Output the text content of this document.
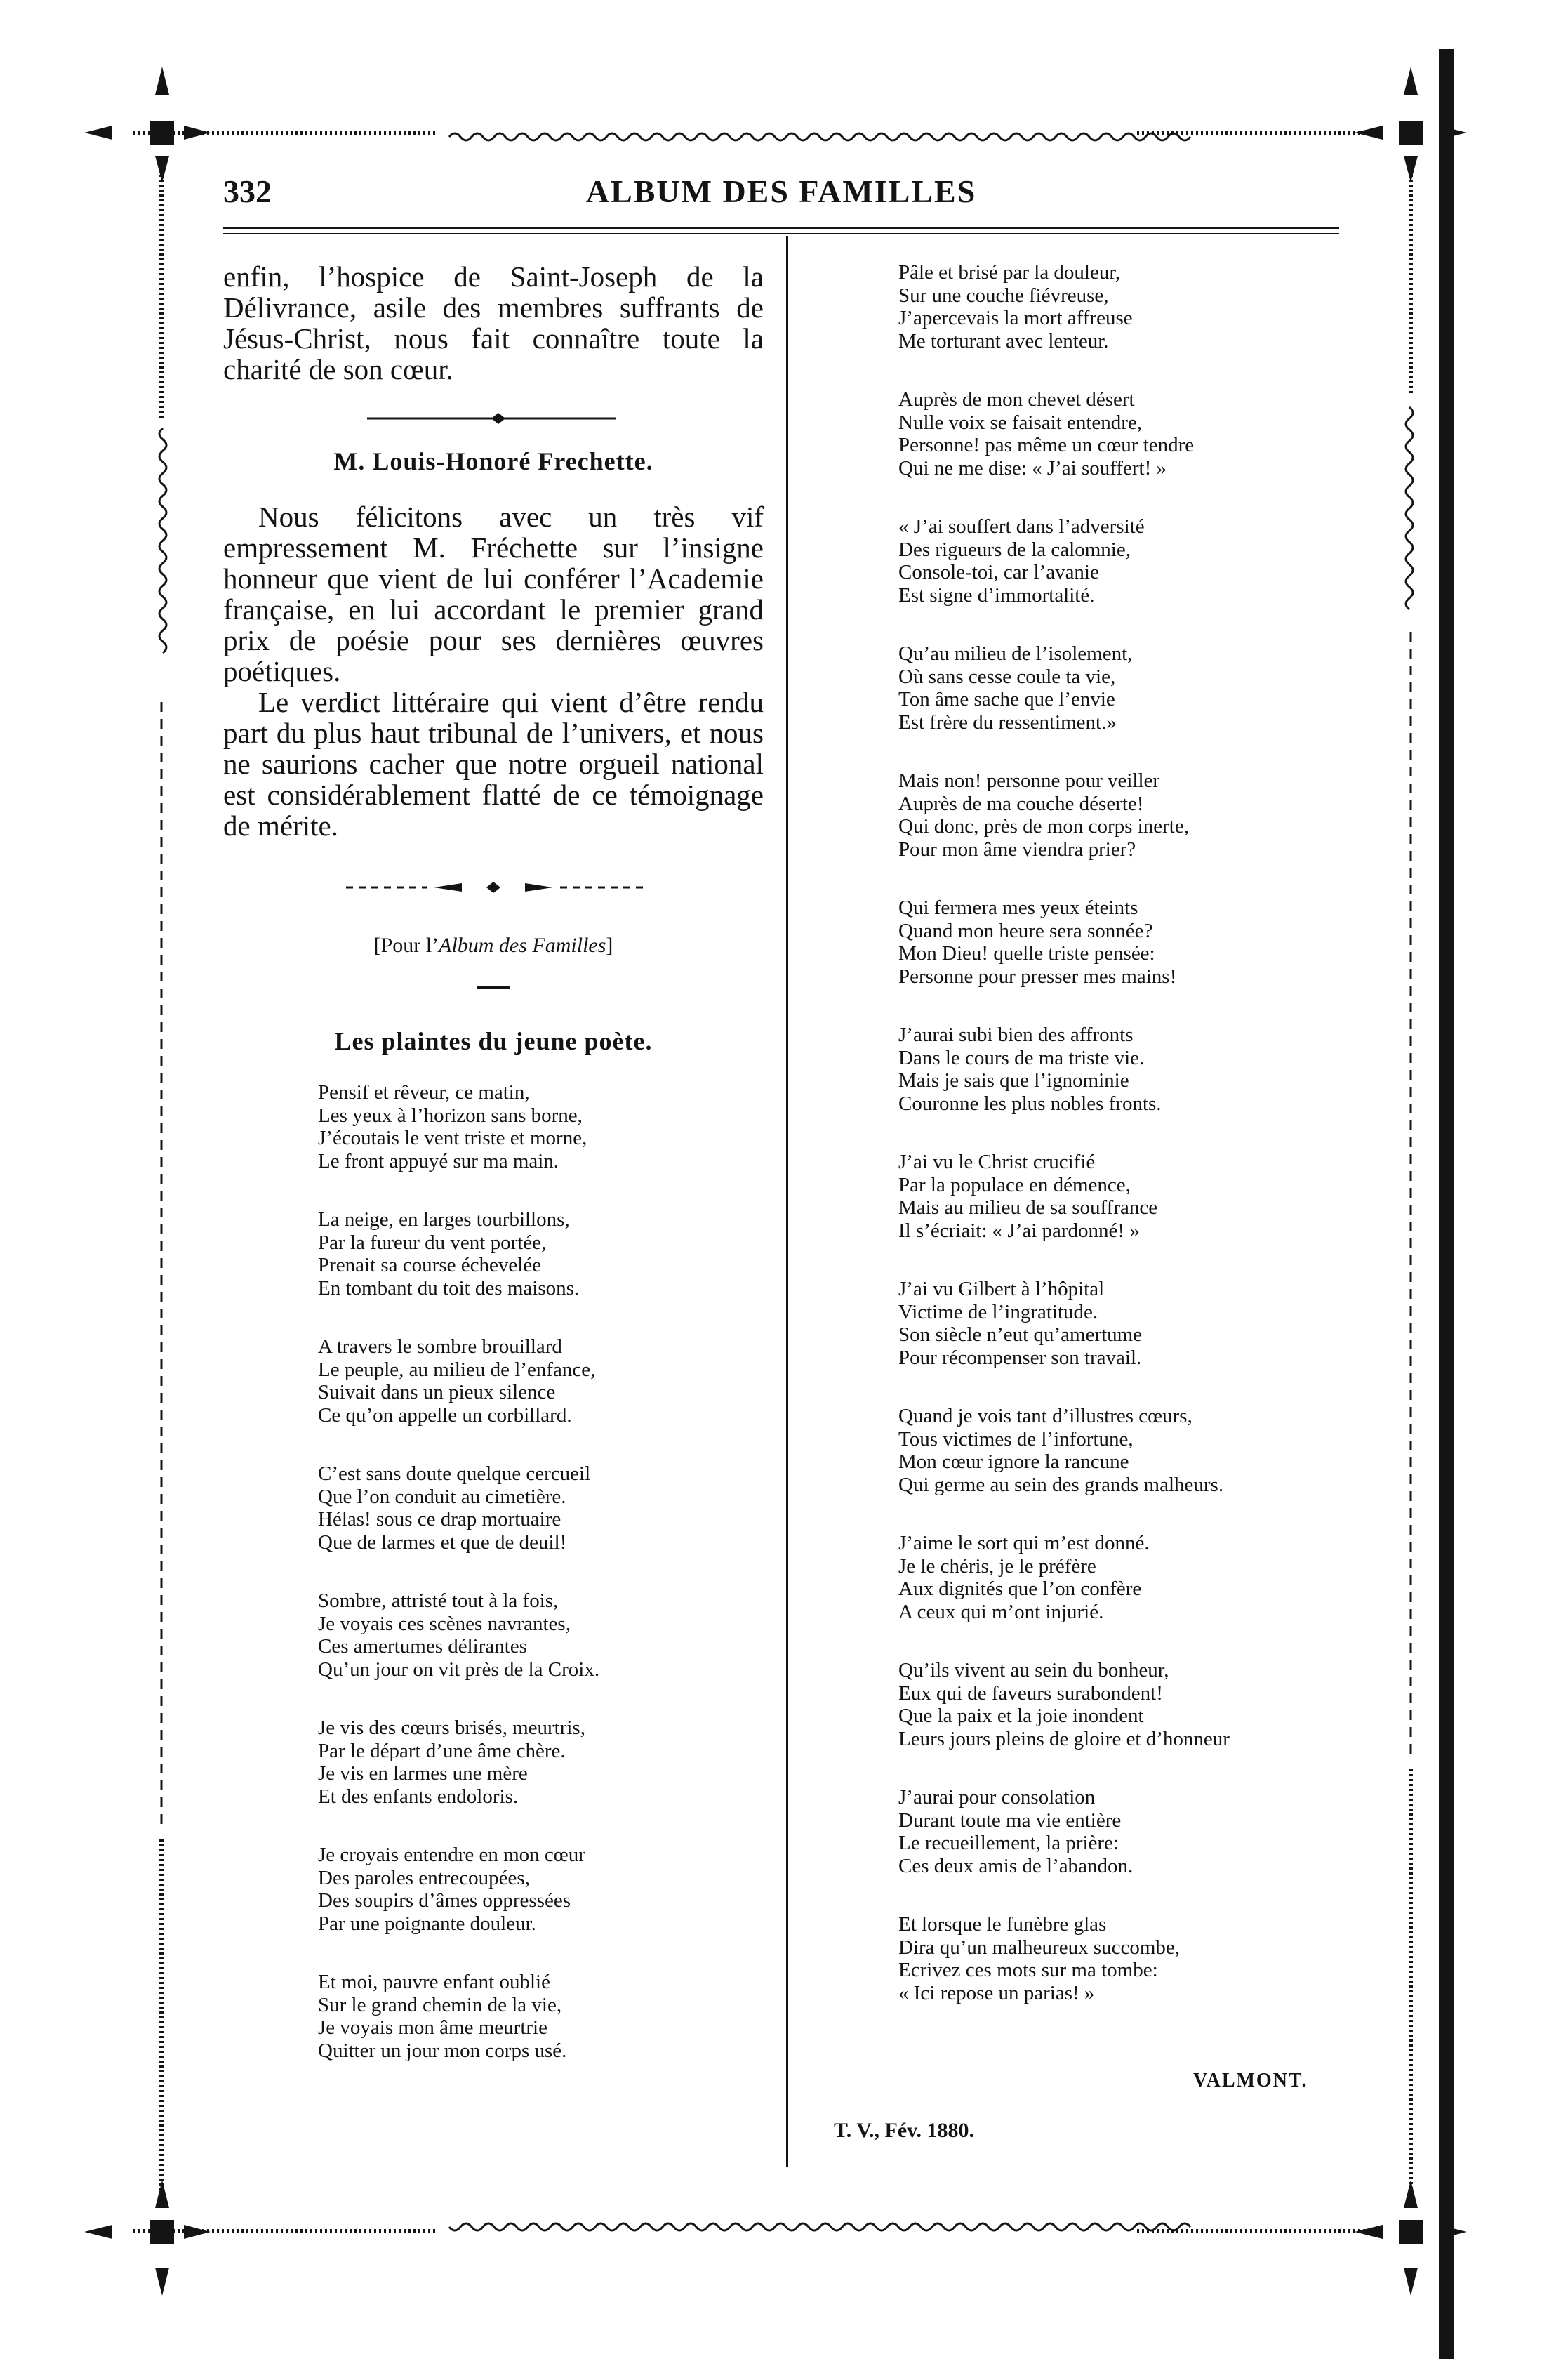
332	ALBUM DES FAMILLES

enfin, l’hospice de Saint-Joseph de la Délivrance, asile des membres suffrants de Jésus-Christ, nous fait connaître toute la charité de son cœur.

M. Louis-Honoré Frechette.

Nous félicitons avec un très vif empressement M. Fréchette sur l’insigne honneur que vient de lui conférer l’Academie française, en lui accordant le premier grand prix de poésie pour ses dernières œuvres poétiques.

Le verdict littéraire qui vient d’être rendu part du plus haut tribunal de l’univers, et nous ne saurions cacher que notre orgueil national est considérablement flatté de ce témoignage de mérite.

[Pour l’Album des Familles]

Les plaintes du jeune poète.

Pensif et rêveur, ce matin,
Les yeux à l’horizon sans borne,
J’écoutais le vent triste et morne,
Le front appuyé sur ma main.
La neige, en larges tourbillons,
Par la fureur du vent portée,
Prenait sa course échevelée
En tombant du toit des maisons.
A travers le sombre brouillard
Le peuple, au milieu de l’enfance,
Suivait dans un pieux silence
Ce qu’on appelle un corbillard.
C’est sans doute quelque cercueil
Que l’on conduit au cimetière.
Hélas! sous ce drap mortuaire
Que de larmes et que de deuil!
Sombre, attristé tout à la fois,
Je voyais ces scènes navrantes,
Ces amertumes délirantes
Qu’un jour on vit près de la Croix.
Je vis des cœurs brisés, meurtris,
Par le départ d’une âme chère.
Je vis en larmes une mère
Et des enfants endoloris.
Je croyais entendre en mon cœur
Des paroles entrecoupées,
Des soupirs d’âmes oppressées
Par une poignante douleur.
Et moi, pauvre enfant oublié
Sur le grand chemin de la vie,
Je voyais mon âme meurtrie
Quitter un jour mon corps usé.
Pâle et brisé par la douleur,
Sur une couche fiévreuse,
J’apercevais la mort affreuse
Me torturant avec lenteur.
Auprès de mon chevet désert
Nulle voix se faisait entendre,
Personne! pas même un cœur tendre
Qui ne me dise: « J’ai souffert! »
« J’ai souffert dans l’adversité
Des rigueurs de la calomnie,
Console-toi, car l’avanie
Est signe d’immortalité.
Qu’au milieu de l’isolement,
Où sans cesse coule ta vie,
Ton âme sache que l’envie
Est frère du ressentiment.»
Mais non! personne pour veiller
Auprès de ma couche déserte!
Qui donc, près de mon corps inerte,
Pour mon âme viendra prier?
Qui fermera mes yeux éteints
Quand mon heure sera sonnée?
Mon Dieu! quelle triste pensée:
Personne pour presser mes mains!
J’aurai subi bien des affronts
Dans le cours de ma triste vie.
Mais je sais que l’ignominie
Couronne les plus nobles fronts.
J’ai vu le Christ crucifié
Par la populace en démence,
Mais au milieu de sa souffrance
Il s’écriait: « J’ai pardonné! »
J’ai vu Gilbert à l’hôpital
Victime de l’ingratitude.
Son siècle n’eut qu’amertume
Pour récompenser son travail.
Quand je vois tant d’illustres cœurs,
Tous victimes de l’infortune,
Mon cœur ignore la rancune
Qui germe au sein des grands malheurs.
J’aime le sort qui m’est donné.
Je le chéris, je le préfère
Aux dignités que l’on confère
A ceux qui m’ont injurié.
Qu’ils vivent au sein du bonheur,
Eux qui de faveurs surabondent!
Que la paix et la joie inondent
Leurs jours pleins de gloire et d’honneur
J’aurai pour consolation
Durant toute ma vie entière
Le recueillement, la prière:
Ces deux amis de l’abandon.
Et lorsque le funèbre glas
Dira qu’un malheureux succombe,
Ecrivez ces mots sur ma tombe:
« Ici repose un parias! »
VALMONT.
T. V., Fév. 1880.
